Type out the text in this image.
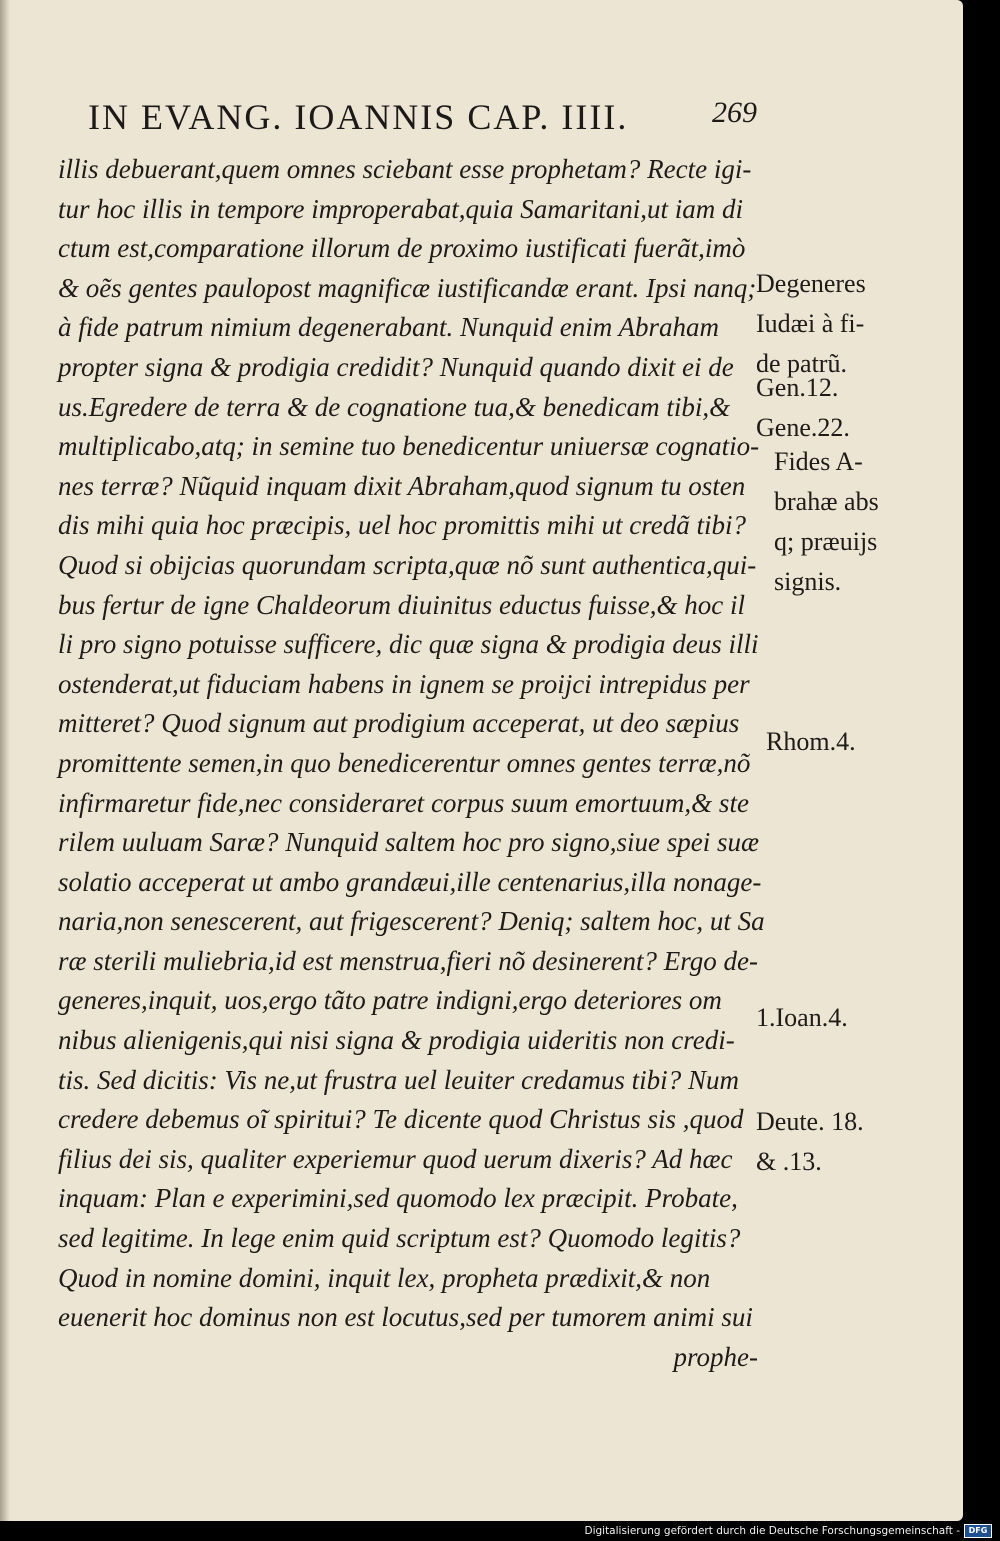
IN EVANG. IOANNIS CAP. IIII.	269
illis debuerant,quem omnes sciebant esse prophetam? Recte igi-
tur hoc illis in tempore improperabat,quia Samaritani,ut iam di
ctum est,comparatione illorum de proximo iustificati fuerãt,imò
& oẽs gentes paulopost magnificæ iustificandæ erant. Ipsi nanq;
à fide patrum nimium degenerabant. Nunquid enim Abraham
propter signa & prodigia credidit? Nunquid quando dixit ei de
us.Egredere de terra & de cognatione tua,& benedicam tibi,&
multiplicabo,atq; in semine tuo benedicentur uniuersæ cognatio-
nes terræ? Nũquid inquam dixit Abraham,quod signum tu osten
dis mihi quia hoc præcipis, uel hoc promittis mihi ut credã tibi?
Quod si obijcias quorundam scripta,quæ nõ sunt authentica,qui-
bus fertur de igne Chaldeorum diuinitus eductus fuisse,& hoc il
li pro signo potuisse sufficere, dic quæ signa & prodigia deus illi
ostenderat,ut fiduciam habens in ignem se proijci intrepidus per
mitteret? Quod signum aut prodigium acceperat, ut deo sæpius
promittente semen,in quo benedicerentur omnes gentes terræ,nõ
infirmaretur fide,nec consideraret corpus suum emortuum,& ste
rilem uuluam Saræ? Nunquid saltem hoc pro signo,siue spei suæ
solatio acceperat ut ambo grandæui,ille centenarius,illa nonage-
naria,non senescerent, aut frigescerent? Deniq; saltem hoc, ut Sa
ræ sterili muliebria,id est menstrua,fieri nõ desinerent? Ergo de-
generes,inquit, uos,ergo tãto patre indigni,ergo deteriores om
nibus alienigenis,qui nisi signa & prodigia uideritis non credi-
tis. Sed dicitis: Vis ne,ut frustra uel leuiter credamus tibi? Num
credere debemus oĩ spiritui? Te dicente quod Christus sis ,quod
filius dei sis, qualiter experiemur quod uerum dixeris? Ad hæc
inquam: Plan e experimini,sed quomodo lex præcipit. Probate,
sed legitime. In lege enim quid scriptum est? Quomodo legitis?
Quod in nomine domini, inquit lex, propheta prædixit,& non
euenerit hoc dominus non est locutus,sed per tumorem animi sui
prophe-
Degeneres
Iudæi à fi-
de patrũ.
Gen.12.
Gene.22.
Fides A-
brahæ abs
q; præuijs
signis.
Rhom.4.
1.Ioan.4.
Deute. 18.
& .13.
Digitalisierung gefördert durch die Deutsche Forschungsgemeinschaft -	DFG
